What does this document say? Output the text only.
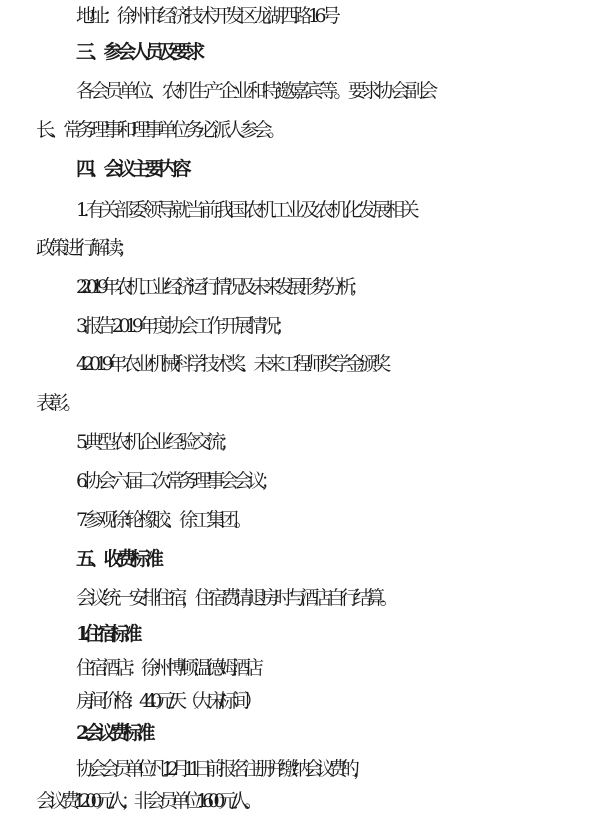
地址：徐州市经济技术开发区龙湖西路 16 号
三、参会人员及要求
各会员单位、农机生产企业和特邀嘉宾等。要求协会副会
长、常务理事和理事单位务必派人参会。
四、会议主要内容
1. 有关部委领导就当前我国农机工业及农机化发展相关
政策进行解读；
2. 2019 年农机工业经济运行情况及未来发展形势分析；
3. 报告 2019 年度协会工作开展情况；
4. 2019 年农业机械科学技术奖、未来工程师奖学金颁奖
表彰。
5. 典型农机企业经验交流；
6. 协会六届二次常务理事会会议；
7. 参观徐轮橡胶、徐工集团。
五、收费标准
会议统一安排住宿，住宿费请退房时与酒店自行结算。
1. 住宿标准
住宿酒店：徐州博顿温德姆酒店
房间价格：440 元/天（大床/标间）
2. 会议费标准
协会会员单位凡 12 月 11 日前报名注册并缴纳会议费的，
会议费 1200 元/人；非会员单位 1600 元/人。
